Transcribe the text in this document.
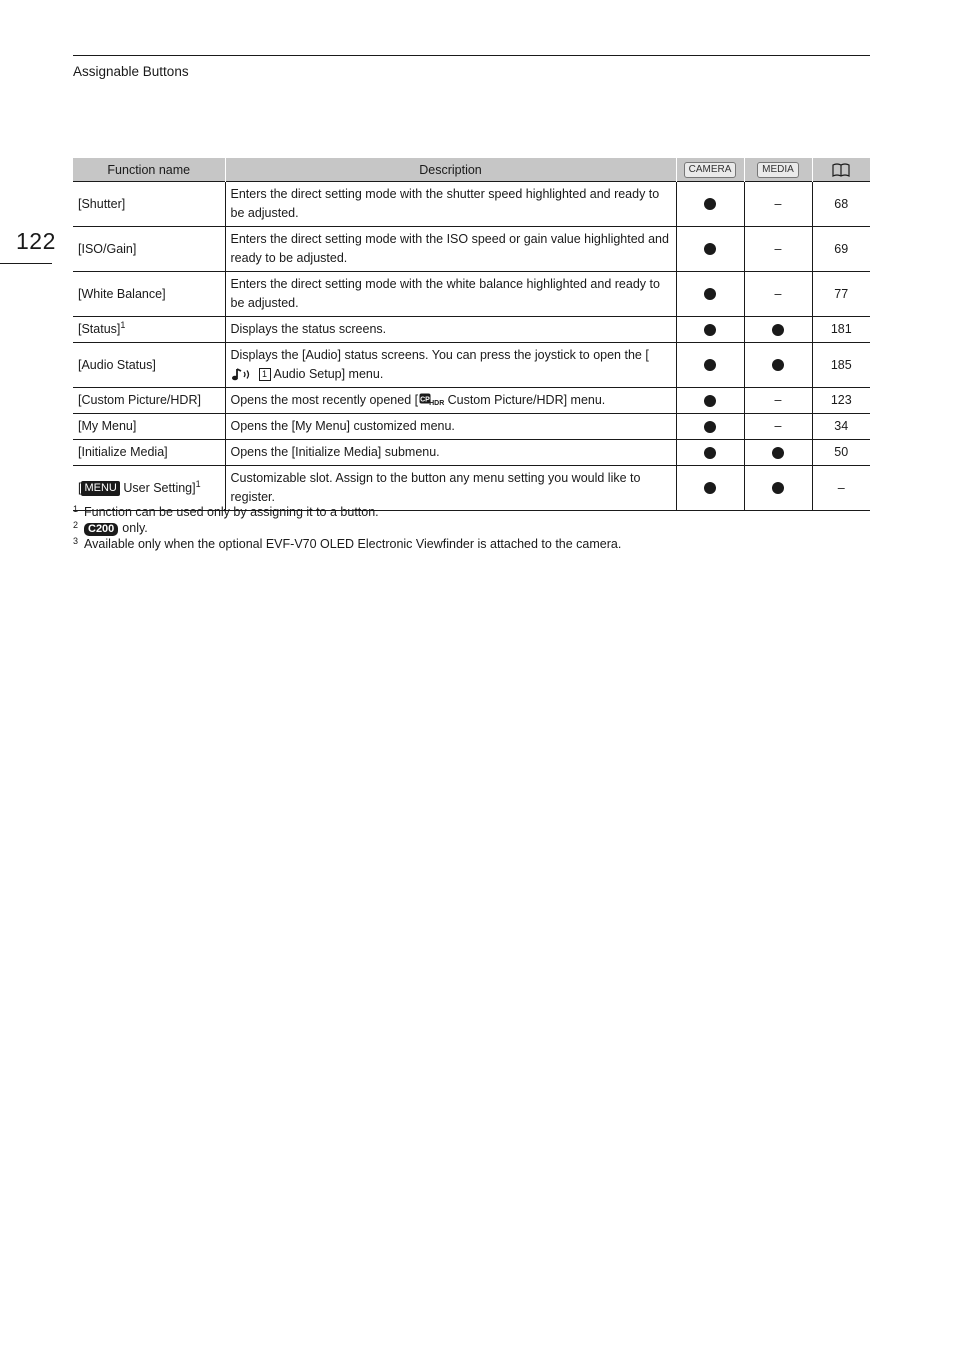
Assignable Buttons
122
Function name	Description	CAMERA	MEDIA	
[Shutter]	Enters the direct setting mode with the shutter speed highlighted and ready to be adjusted.		–	68
[ISO/Gain]	Enters the direct setting mode with the ISO speed or gain value highlighted and ready to be adjusted.		–	69
[White Balance]	Enters the direct setting mode with the white balance highlighted and ready to be adjusted.		–	77
[Status]$^1$	Displays the status screens.			181
[Audio Status]	Displays the [Audio] status screens. You can press the joystick to open the [1 Audio Setup] menu.			185
[Custom Picture/HDR]	Opens the most recently opened [ CP HDR Custom Picture/HDR] menu.		–	123
[My Menu]	Opens the [My Menu] customized menu.		–	34
[Initialize Media]	Opens the [Initialize Media] submenu.			50
[ MENU User Setting]$^1$	Customizable slot. Assign to the button any menu setting you would like to register.			–
1 Function can be used only by assigning it to a button.
2 C200 only.
3 Available only when the optional EVF-V70 OLED Electronic Viewfinder is attached to the camera.
